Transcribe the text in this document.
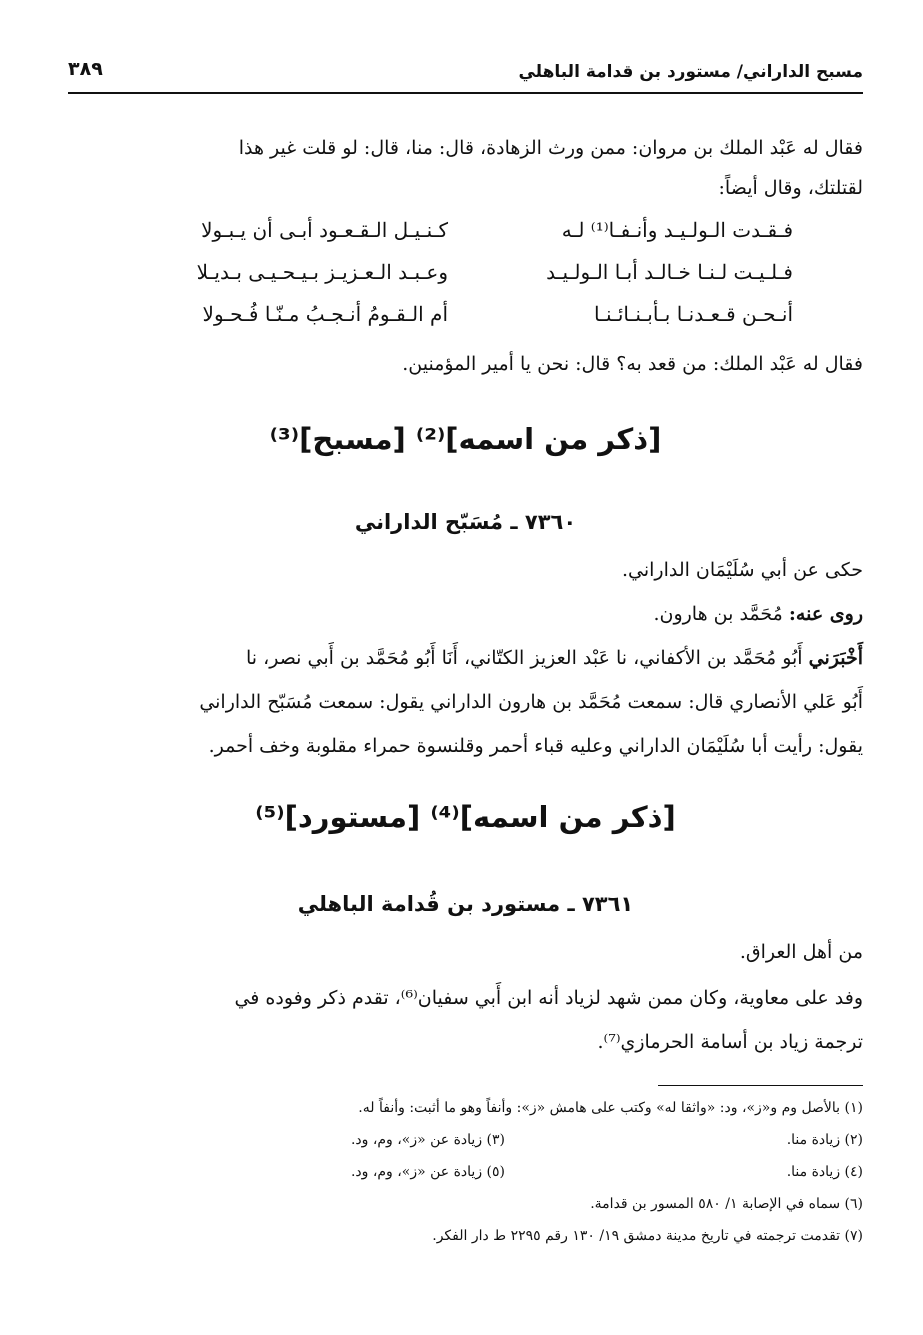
مسبح الداراني/ مستورد بن قدامة الباهلي
٣٨٩
فقال له عَبْد الملك بن مروان: ممن ورث الزهادة، قال: منا، قال: لو قلت غير هذا
لقتلتك، وقال أيضاً:
فـقـدت الـولـيـد وأنـفـا⁽¹⁾ لـه
كـنـيـل الـقـعـود أبـى أن يـبـولا
فـلـيـت لـنـا خـالـد أبـا الـولـيـد
وعـبـد الـعـزيـز بـيـحـيـى بـديـلا
أنـحـن قـعـدنـا بـأبـنـائـنـا
أم الـقـومُ أنـجـبُ مـنّـا فُـحـولا
فقال له عَبْد الملك: من قعد به؟ قال: نحن يا أمير المؤمنين.
[ذكر من اسمه]⁽²⁾ [مسبح]⁽³⁾
٧٣٦٠ ـ مُسَبّح الداراني
حكى عن أبي سُلَيْمَان الداراني.
روى عنه: مُحَمَّد بن هارون.
أَخْبَرَني أَبُو مُحَمَّد بن الأكفاني، نا عَبْد العزيز الكتّاني، أَنَا أَبُو مُحَمَّد بن أَبي نصر، نا
أَبُو عَلي الأنصاري قال: سمعت مُحَمَّد بن هارون الداراني يقول: سمعت مُسَبّح الداراني
يقول: رأيت أبا سُلَيْمَان الداراني وعليه قباء أحمر وقلنسوة حمراء مقلوبة وخف أحمر.
[ذكر من اسمه]⁽⁴⁾ [مستورد]⁽⁵⁾
٧٣٦١ ـ مستورد بن قُدامة الباهلي
من أهل العراق.
وفد على معاوية، وكان ممن شهد لزياد أنه ابن أَبي سفيان⁽⁶⁾، تقدم ذكر وفوده في
ترجمة زياد بن أسامة الحرمازي⁽⁷⁾.
(١) بالأصل وم و«ز»، ود: «واثقا له» وكتب على هامش «ز»: وأنفاً وهو ما أثبت: وأنفاً له.
(٢) زيادة منا.
(٣) زيادة عن «ز»، وم، ود.
(٤) زيادة منا.
(٥) زيادة عن «ز»، وم، ود.
(٦) سماه في الإصابة ١/ ٥٨٠ المسور بن قدامة.
(٧) تقدمت ترجمته في تاريخ مدينة دمشق ١٩/ ١٣٠ رقم ٢٢٩٥ ط دار الفكر.
